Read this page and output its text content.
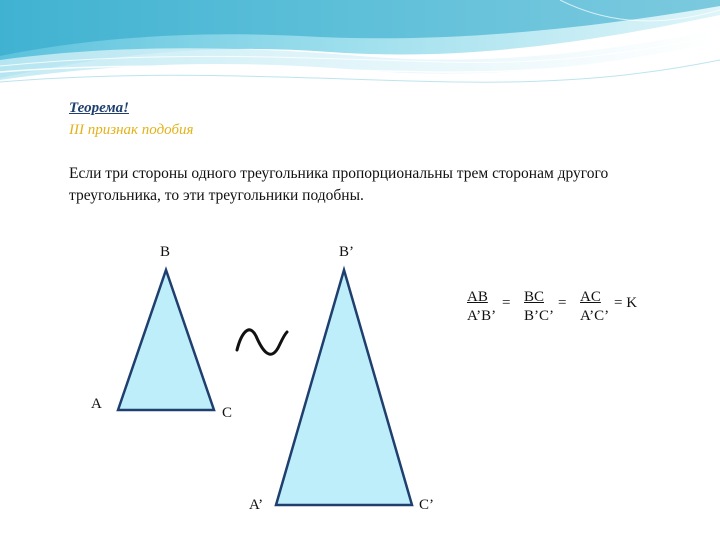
Теорема!
III признак подобия
Если три стороны одного треугольника пропорциональны трем сторонам другого треугольника, то эти треугольники подобны.
B
A
C
B’
A’	C’
$\frac{AB}{A’B’} = \frac{BC}{B’C’} = \frac{AC}{A’C’} = K$
